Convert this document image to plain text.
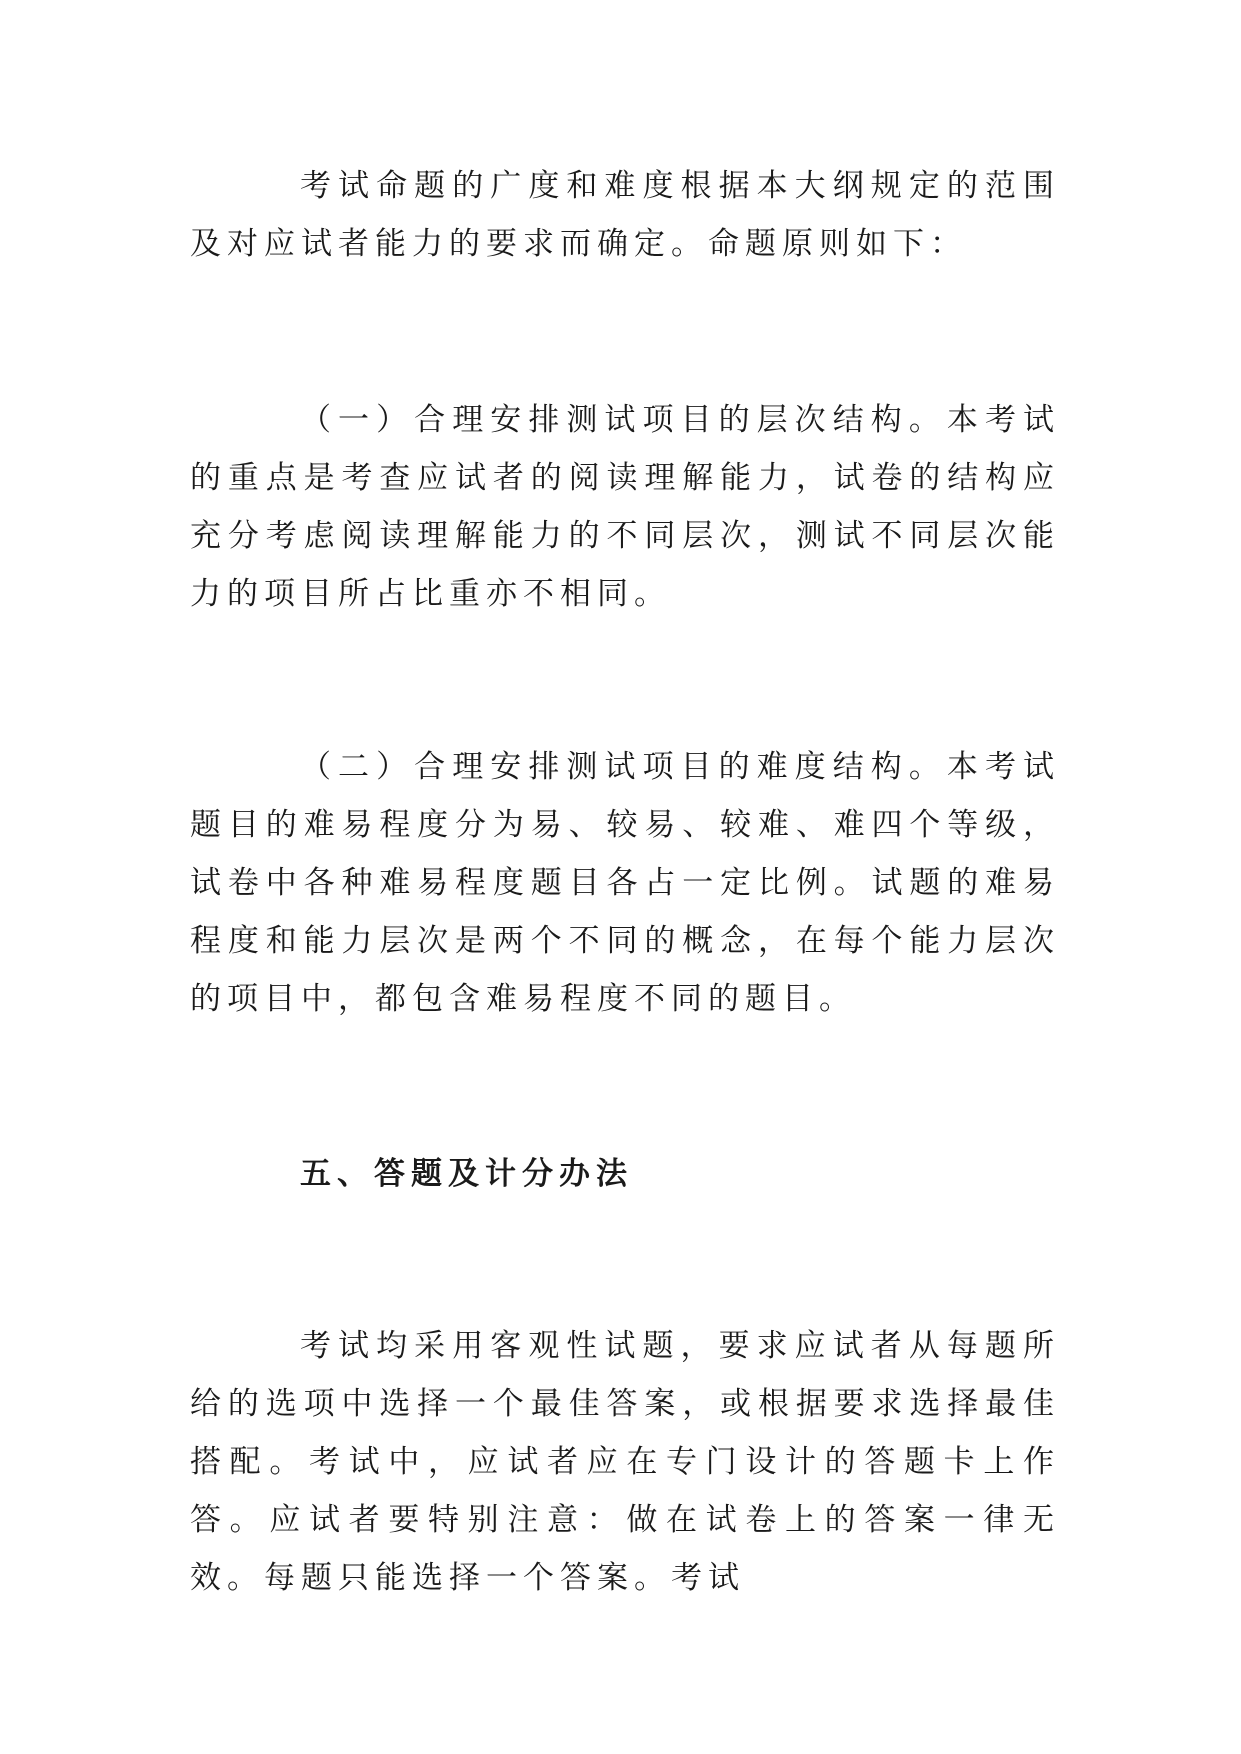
考试命题的广度和难度根据本大纲规定的范围及对应试者能力的要求而确定。命题原则如下：

（一）合理安排测试项目的层次结构。本考试的重点是考查应试者的阅读理解能力，试卷的结构应充分考虑阅读理解能力的不同层次，测试不同层次能力的项目所占比重亦不相同。

（二）合理安排测试项目的难度结构。本考试题目的难易程度分为易、较易、较难、难四个等级，试卷中各种难易程度题目各占一定比例。试题的难易程度和能力层次是两个不同的概念，在每个能力层次的项目中，都包含难易程度不同的题目。

五、答题及计分办法

考试均采用客观性试题，要求应试者从每题所给的选项中选择一个最佳答案，或根据要求选择最佳搭配。考试中，应试者应在专门设计的答题卡上作答。应试者要特别注意：做在试卷上的答案一律无效。每题只能选择一个答案。考试
